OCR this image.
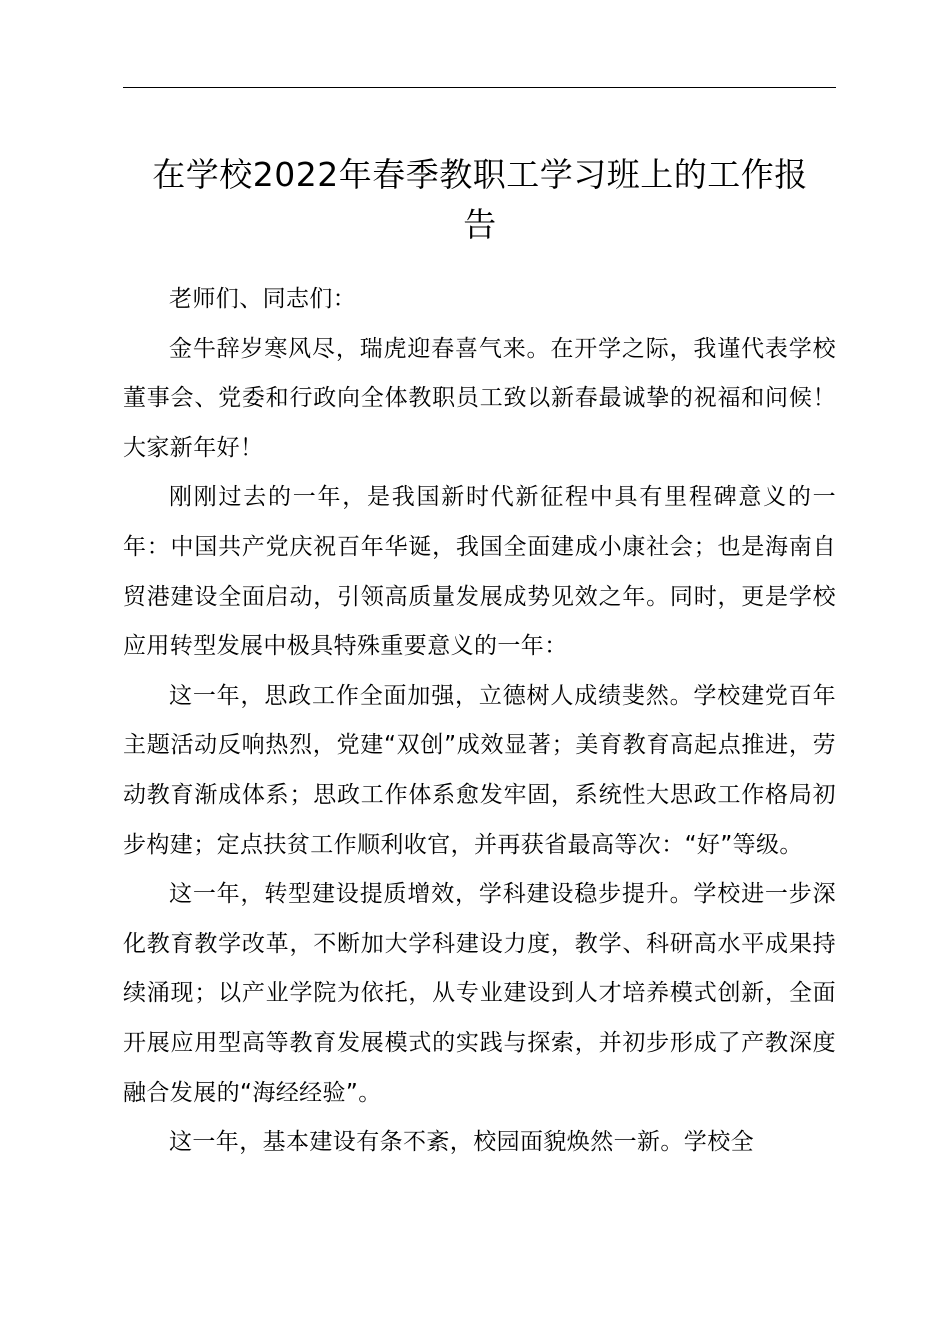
在学校2022年春季教职工学习班上的工作报
告

老师们、同志们：

金牛辞岁寒风尽，瑞虎迎春喜气来。在开学之际，我谨代表学校董事会、党委和行政向全体教职员工致以新春最诚挚的祝福和问候！大家新年好！

刚刚过去的一年，是我国新时代新征程中具有里程碑意义的一年：中国共产党庆祝百年华诞，我国全面建成小康社会；也是海南自贸港建设全面启动，引领高质量发展成势见效之年。同时，更是学校应用转型发展中极具特殊重要意义的一年：

这一年，思政工作全面加强，立德树人成绩斐然。学校建党百年主题活动反响热烈，党建“双创”成效显著；美育教育高起点推进，劳动教育渐成体系；思政工作体系愈发牢固，系统性大思政工作格局初步构建；定点扶贫工作顺利收官，并再获省最高等次：“好”等级。

这一年，转型建设提质增效，学科建设稳步提升。学校进一步深化教育教学改革，不断加大学科建设力度，教学、科研高水平成果持续涌现；以产业学院为依托，从专业建设到人才培养模式创新，全面开展应用型高等教育发展模式的实践与探索，并初步形成了产教深度融合发展的“海经经验”。

这一年，基本建设有条不紊，校园面貌焕然一新。学校全
